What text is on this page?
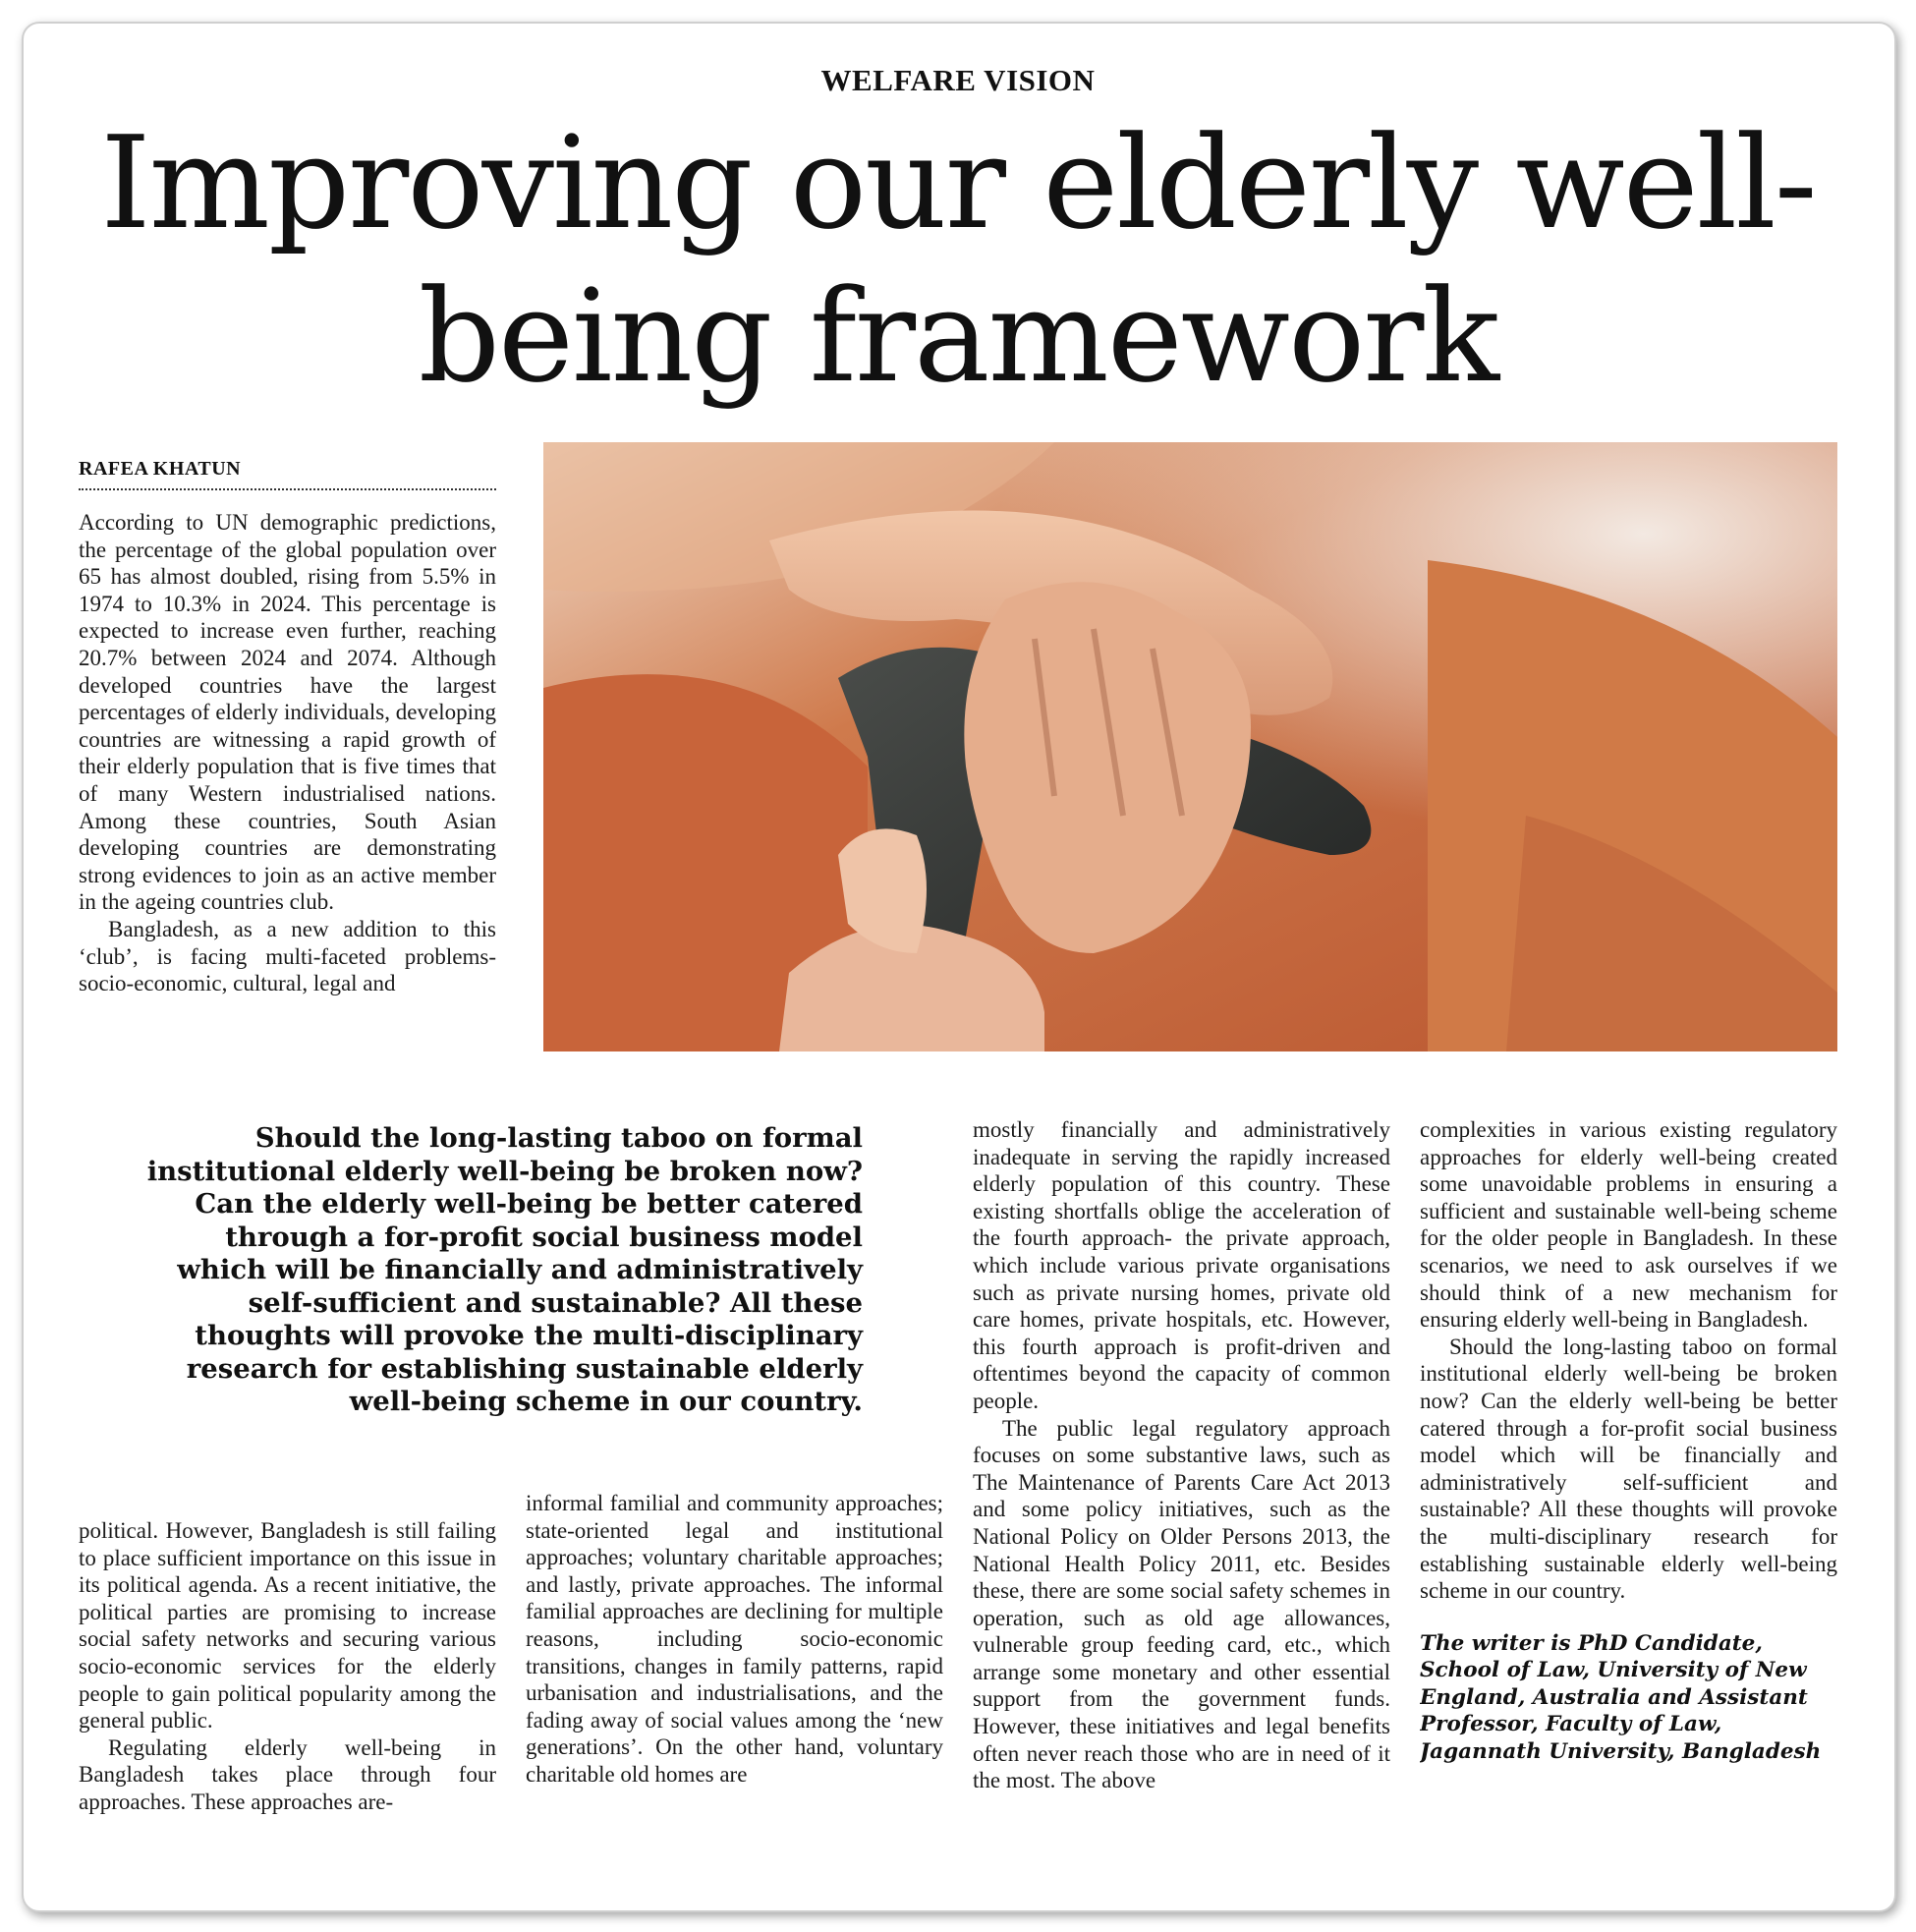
WELFARE VISION
Improving our elderly well-being framework
RAFEA KHATUN

According to UN demographic predictions, the percentage of the global population over 65 has almost doubled, rising from 5.5% in 1974 to 10.3% in 2024. This percentage is expected to increase even further, reaching 20.7% between 2024 and 2074. Although developed countries have the largest percentages of elderly individuals, developing countries are witnessing a rapid growth of their elderly population that is five times that of many Western industrialised nations. Among these countries, South Asian developing countries are demonstrating strong evidences to join as an active member in the ageing countries club.

Bangladesh, as a new addition to this ‘club’, is facing multi-faceted problems- socio-economic, cultural, legal and

Should the long-lasting taboo on formal institutional elderly well-being be broken now? Can the elderly well-being be better catered through a for-profit social business model which will be financially and administratively self-sufficient and sustainable? All these thoughts will provoke the multi-disciplinary research for establishing sustainable elderly well-being scheme in our country.

political. However, Bangladesh is still failing to place sufficient importance on this issue in its political agenda. As a recent initiative, the political parties are promising to increase social safety networks and securing various socio-economic services for the elderly people to gain political popularity among the general public.

Regulating elderly well-being in Bangladesh takes place through four approaches. These approaches are-

informal familial and community approaches; state-oriented legal and institutional approaches; voluntary charitable approaches; and lastly, private approaches. The informal familial approaches are declining for multiple reasons, including socio-economic transitions, changes in family patterns, rapid urbanisation and industrialisations, and the fading away of social values among the ‘new generations’. On the other hand, voluntary charitable old homes are

mostly financially and administratively inadequate in serving the rapidly increased elderly population of this country. These existing shortfalls oblige the acceleration of the fourth approach- the private approach, which include various private organisations such as private nursing homes, private old care homes, private hospitals, etc. However, this fourth approach is profit-driven and oftentimes beyond the capacity of common people.

The public legal regulatory approach focuses on some substantive laws, such as The Maintenance of Parents Care Act 2013 and some policy initiatives, such as the National Policy on Older Persons 2013, the National Health Policy 2011, etc. Besides these, there are some social safety schemes in operation, such as old age allowances, vulnerable group feeding card, etc., which arrange some monetary and other essential support from the government funds. However, these initiatives and legal benefits often never reach those who are in need of it the most. The above

complexities in various existing regulatory approaches for elderly well-being created some unavoidable problems in ensuring a sufficient and sustainable well-being scheme for the older people in Bangladesh. In these scenarios, we need to ask ourselves if we should think of a new mechanism for ensuring elderly well-being in Bangladesh.

Should the long-lasting taboo on formal institutional elderly well-being be broken now? Can the elderly well-being be better catered through a for-profit social business model which will be financially and administratively self-sufficient and sustainable? All these thoughts will provoke the multi-disciplinary research for establishing sustainable elderly well-being scheme in our country.

The writer is PhD Candidate, School of Law, University of New England, Australia and Assistant Professor, Faculty of Law, Jagannath University, Bangladesh
